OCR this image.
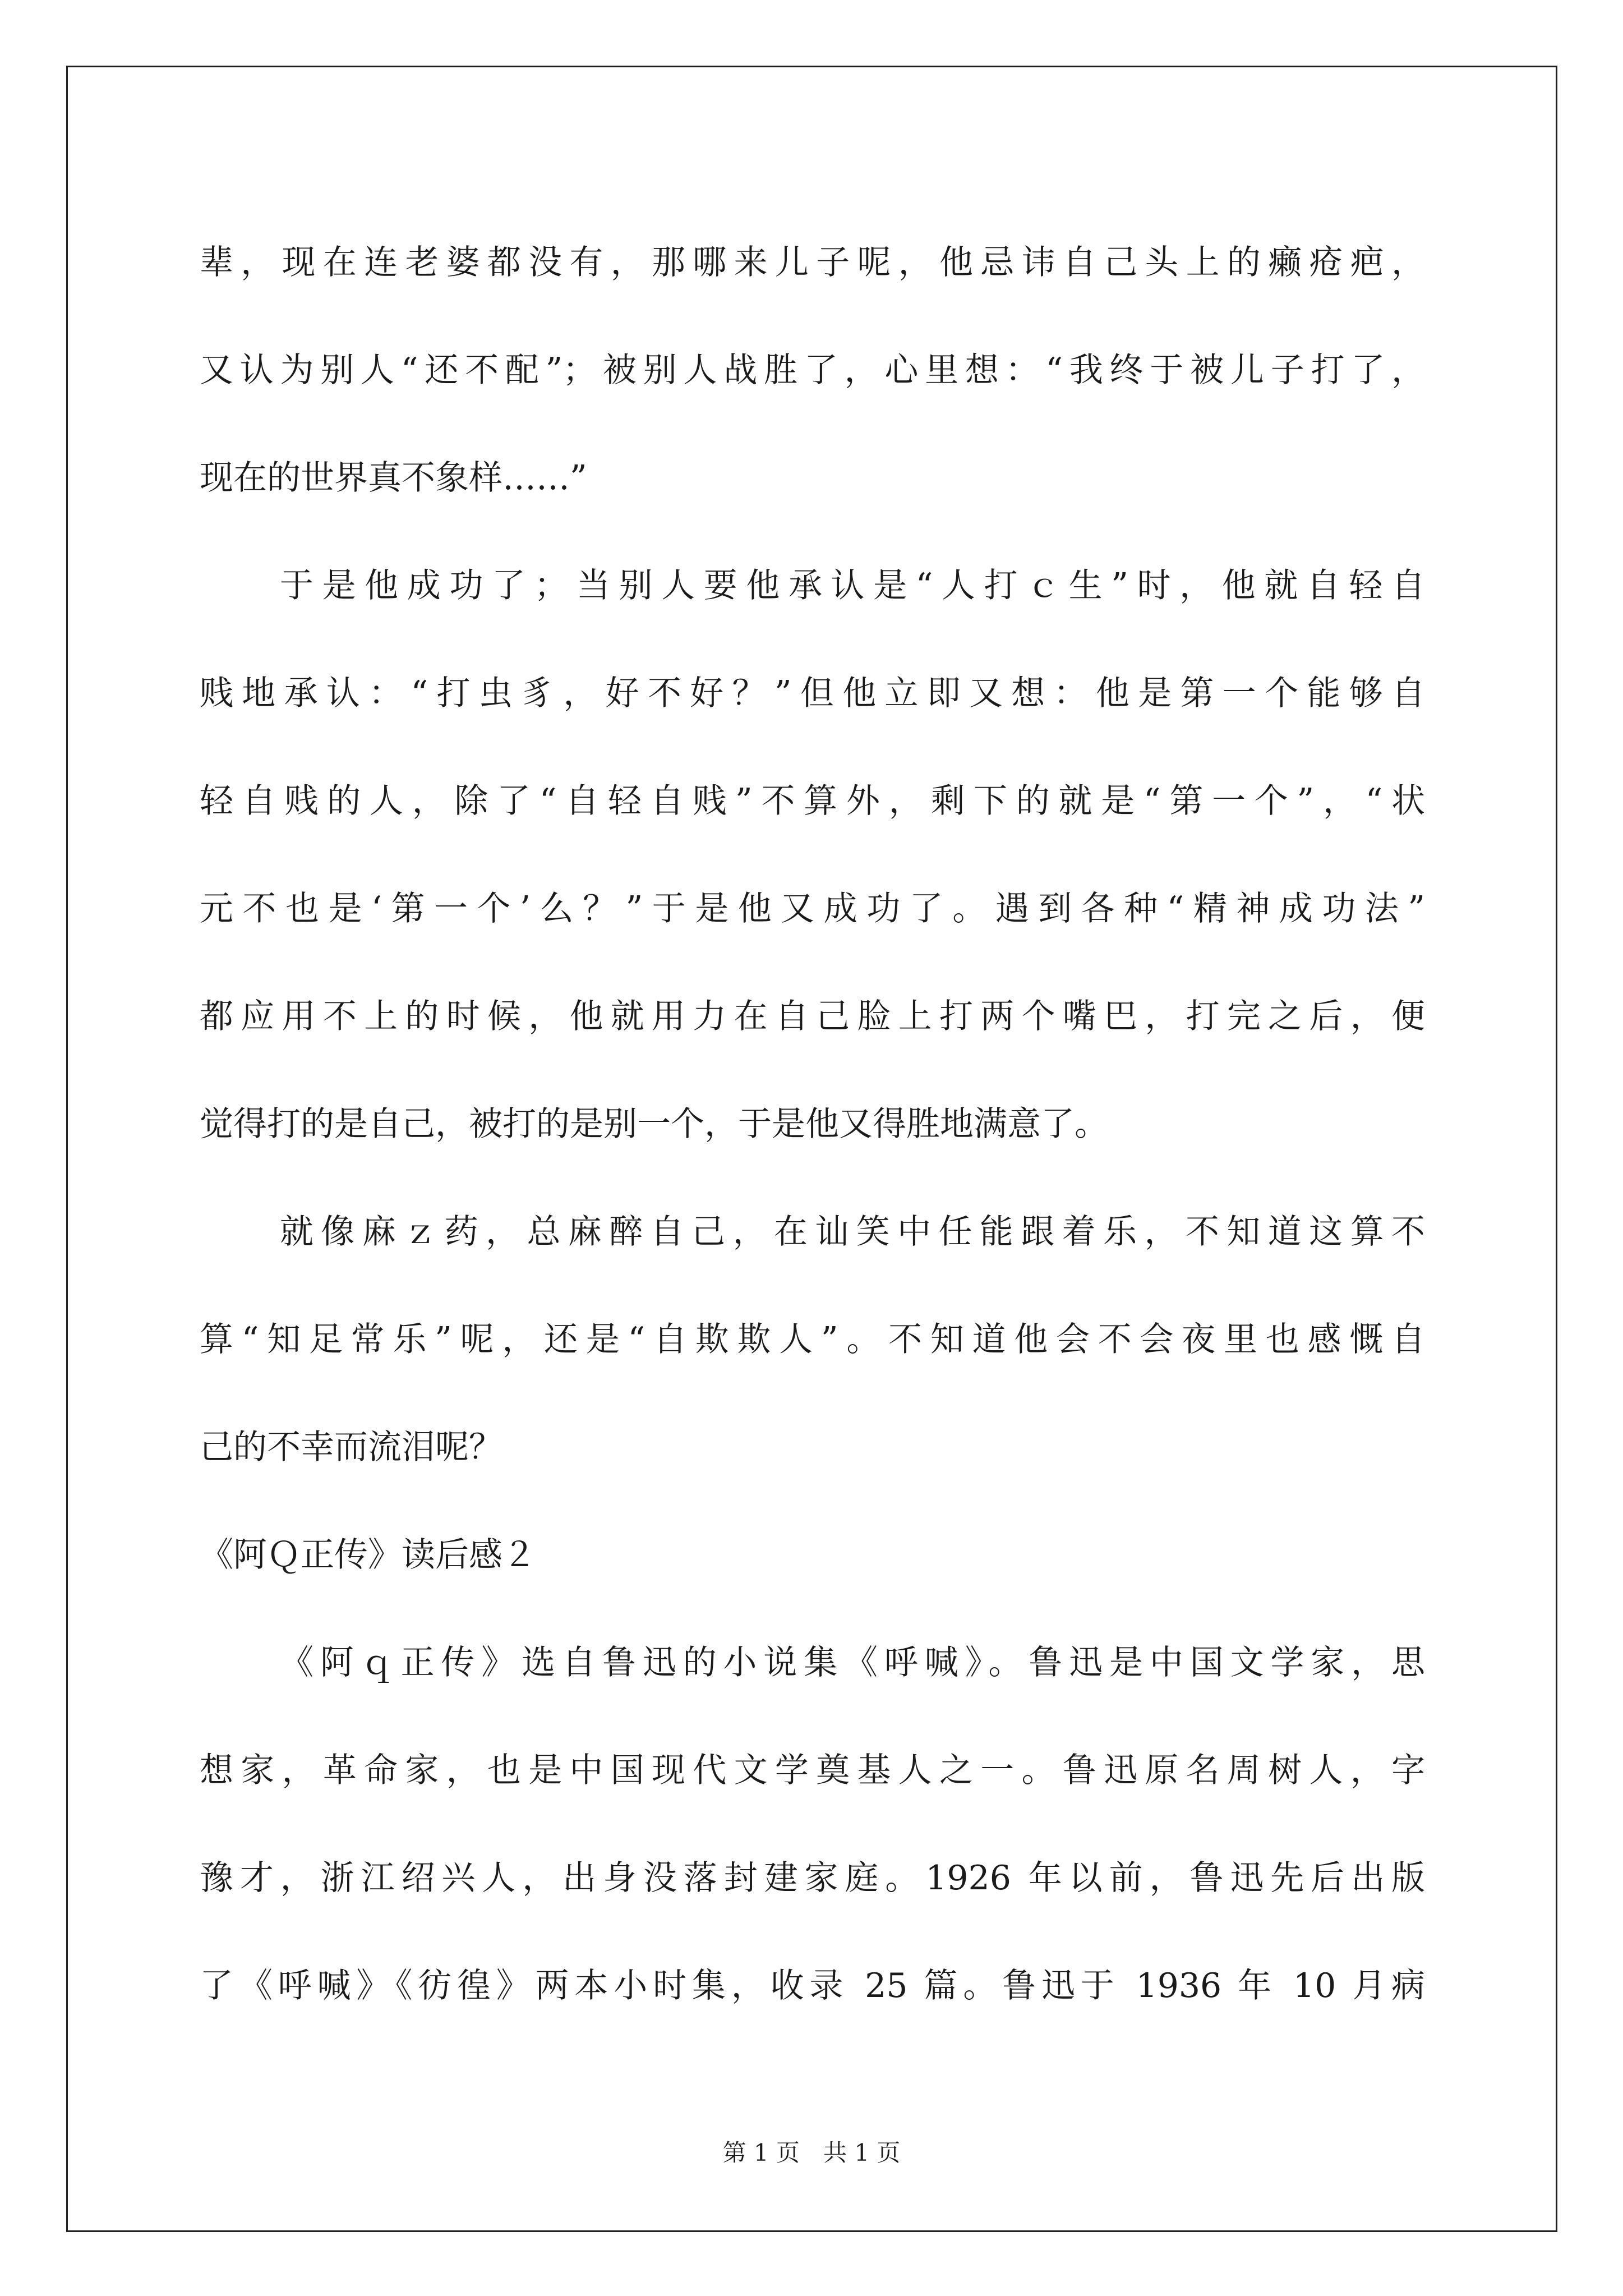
辈，现在连老婆都没有，那哪来儿子呢，他忌讳自己头上的癞疮疤，
又认为别人“还不配”；被别人战胜了，心里想：“我终于被儿子打了，
现在的世界真不象样……”
于是他成功了；当别人要他承认是“人打ｃ生”时，他就自轻自
贱地承认：“打虫豸，好不好？”但他立即又想：他是第一个能够自
轻自贱的人，除了“自轻自贱”不算外，剩下的就是“第一个”，“状
元不也是‘第一个’么？”于是他又成功了。遇到各种“精神成功法”
都应用不上的时候，他就用力在自己脸上打两个嘴巴，打完之后，便
觉得打的是自己，被打的是别一个，于是他又得胜地满意了。
就像麻ｚ药，总麻醉自己，在讪笑中任能跟着乐，不知道这算不
算“知足常乐”呢，还是“自欺欺人”。不知道他会不会夜里也感慨自
己的不幸而流泪呢？
《阿Ｑ正传》读后感２
《阿ｑ正传》选自鲁迅的小说集《呼喊》。鲁迅是中国文学家，思
想家，革命家，也是中国现代文学奠基人之一。鲁迅原名周树人，字
豫才，浙江绍兴人，出身没落封建家庭。1926 年以前，鲁迅先后出版
了《呼喊》《彷徨》两本小时集，收录 25 篇。鲁迅于 1936 年 10 月病
第 1 页　共 1 页
